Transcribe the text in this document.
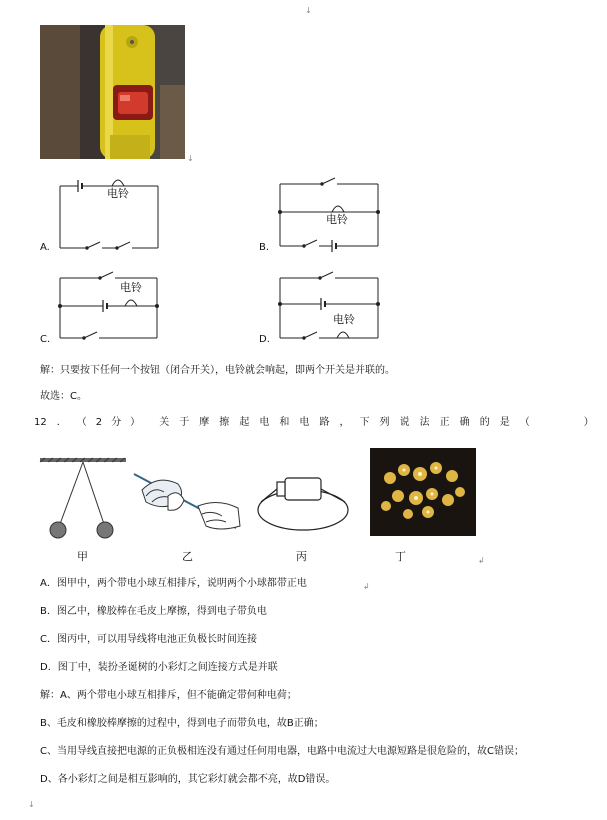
↓
↓
电铃
A.
电铃
B.
电铃
C.
电铃
D.
解：只要按下任何一个按钮（闭合开关），电铃就会响起，即两个开关是并联的。
故选：C。
12 ． （2分） 关 于 摩 擦 起 电 和 电 路 ， 下 列 说 法 正 确 的 是 （	）
甲	乙	丙	丁	↲
A．图甲中，两个带电小球互相排斥，说明两个小球都带正电	↲
B．图乙中，橡胶棒在毛皮上摩擦，得到电子带负电
C．图丙中，可以用导线将电池正负极长时间连接
D．图丁中，装扮圣诞树的小彩灯之间连接方式是并联
解：A、两个带电小球互相排斥，但不能确定带何种电荷；
B、毛皮和橡胶棒摩擦的过程中，得到电子而带负电，故B正确；
C、当用导线直接把电源的正负极相连没有通过任何用电器，电路中电流过大电源短路是很危险的，故C错误；
D、各小彩灯之间是相互影响的，其它彩灯就会都不亮，故D错误。
↓
